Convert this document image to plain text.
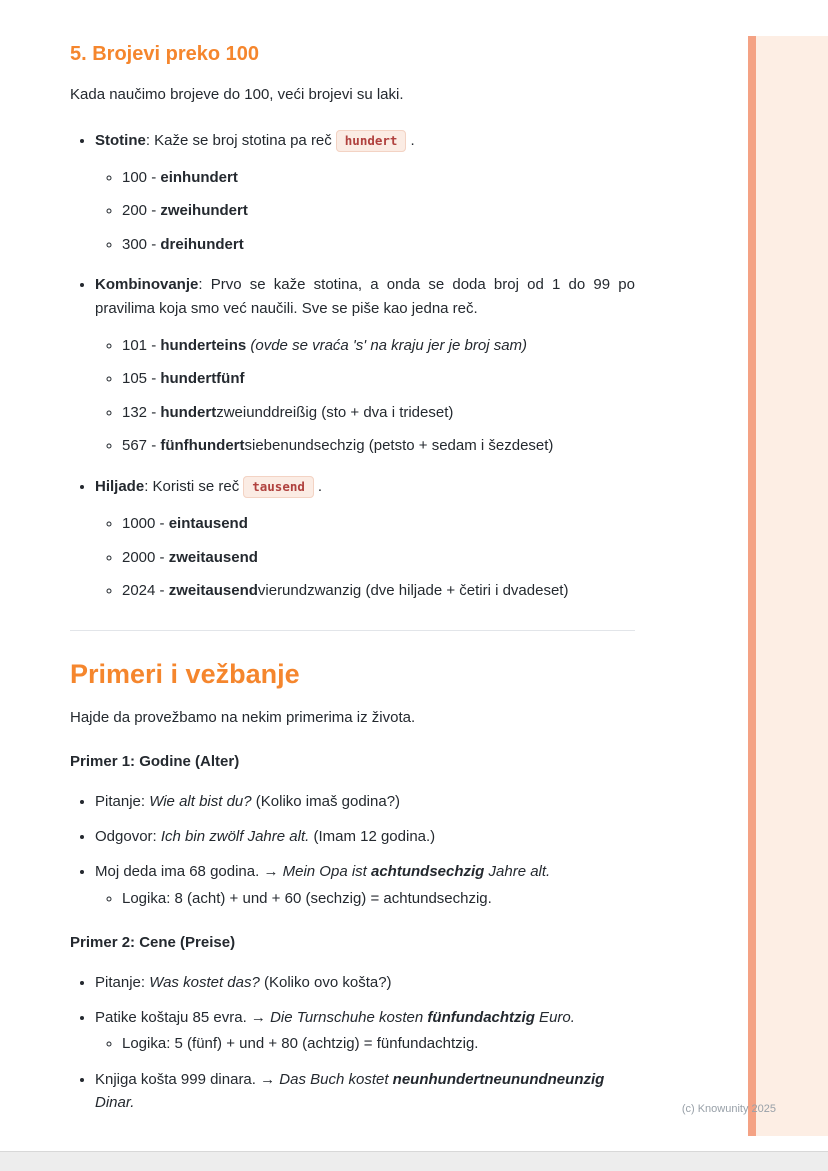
5. Brojevi preko 100

Kada naučimo brojeve do 100, veći brojevi su laki.

• Stotine: Kaže se broj stotina pa reč hundert .
◦ 100 - einhundert
◦ 200 - zweihundert
◦ 300 - dreihundert
• Kombinovanje: Prvo se kaže stotina, a onda se doda broj od 1 do 99 po pravilima koja smo već naučili. Sve se piše kao jedna reč.
◦ 101 - hunderteins (ovde se vraća 's' na kraju jer je broj sam)
◦ 105 - hundertfünf
◦ 132 - hundertzweiunddreißig (sto + dva i trideset)
◦ 567 - fünfhundertsiebenundsechzig (petsto + sedam i šezdeset)
• Hiljade: Koristi se reč tausend .
◦ 1000 - eintausend
◦ 2000 - zweitausend
◦ 2024 - zweitausendvierundzwanzig (dve hiljade + četiri i dvadeset)
Primeri i vežbanje

Hajde da provežbamo na nekim primerima iz života.

Primer 1: Godine (Alter)

• Pitanje: Wie alt bist du? (Koliko imaš godina?)
• Odgovor: Ich bin zwölf Jahre alt. (Imam 12 godina.)
• Moj deda ima 68 godina. → Mein Opa ist achtundsechzig Jahre alt.
◦ Logika: 8 (acht) + und + 60 (sechzig) = achtundsechzig.

Primer 2: Cene (Preise)

• Pitanje: Was kostet das? (Koliko ovo košta?)
• Patike koštaju 85 evra. → Die Turnschuhe kosten fünfundachtzig Euro.
◦ Logika: 5 (fünf) + und + 80 (achtzig) = fünfundachtzig.
• Knjiga košta 999 dinara. → Das Buch kostet neunhundertneunundneunzig Dinar.	(c) Knowunity 2025
